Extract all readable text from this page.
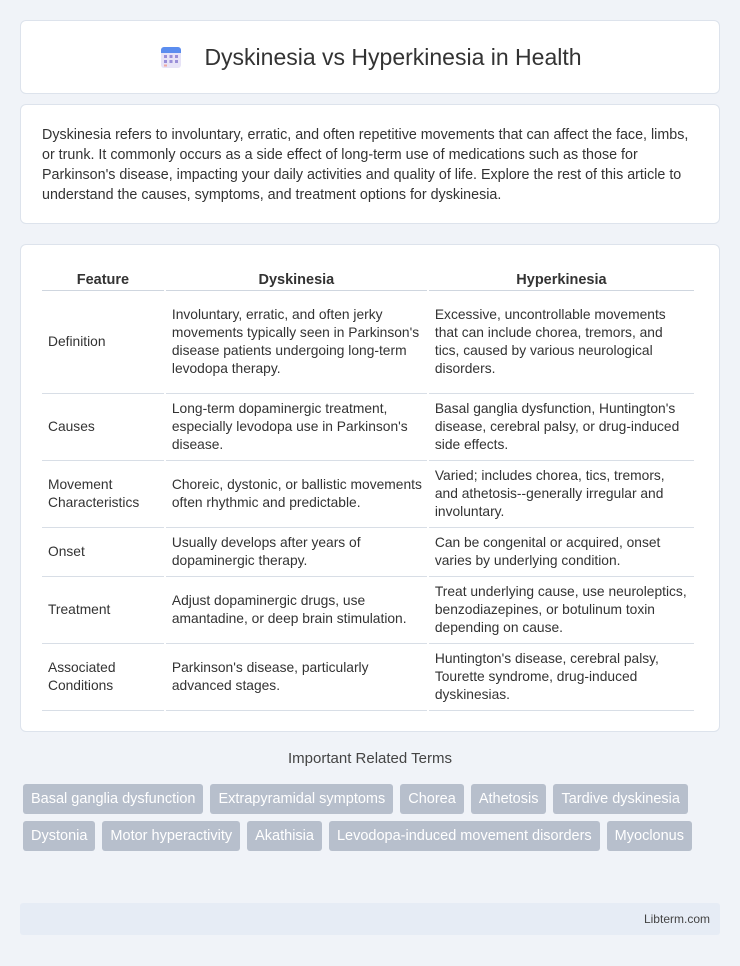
Dyskinesia vs Hyperkinesia in Health

Dyskinesia refers to involuntary, erratic, and often repetitive movements that can affect the face, limbs, or trunk. It commonly occurs as a side effect of long-term use of medications such as those for Parkinson's disease, impacting your daily activities and quality of life. Explore the rest of this article to understand the causes, symptoms, and treatment options for dyskinesia.

Feature	Dyskinesia	Hyperkinesia
Definition	Involuntary, erratic, and often jerky movements typically seen in Parkinson's disease patients undergoing long-term levodopa therapy.	Excessive, uncontrollable movements that can include chorea, tremors, and tics, caused by various neurological disorders.
Causes	Long-term dopaminergic treatment, especially levodopa use in Parkinson's disease.	Basal ganglia dysfunction, Huntington's disease, cerebral palsy, or drug-induced side effects.
Movement Characteristics	Choreic, dystonic, or ballistic movements often rhythmic and predictable.	Varied; includes chorea, tics, tremors, and athetosis--generally irregular and involuntary.
Onset	Usually develops after years of dopaminergic therapy.	Can be congenital or acquired, onset varies by underlying condition.
Treatment	Adjust dopaminergic drugs, use amantadine, or deep brain stimulation.	Treat underlying cause, use neuroleptics, benzodiazepines, or botulinum toxin depending on cause.
Associated Conditions	Parkinson's disease, particularly advanced stages.	Huntington's disease, cerebral palsy, Tourette syndrome, drug-induced dyskinesias.
Important Related Terms
Basal ganglia dysfunction	Extrapyramidal symptoms	Chorea	Athetosis	Tardive dyskinesia
Dystonia	Motor hyperactivity	Akathisia	Levodopa-induced movement disorders	Myoclonus
Libterm.com
